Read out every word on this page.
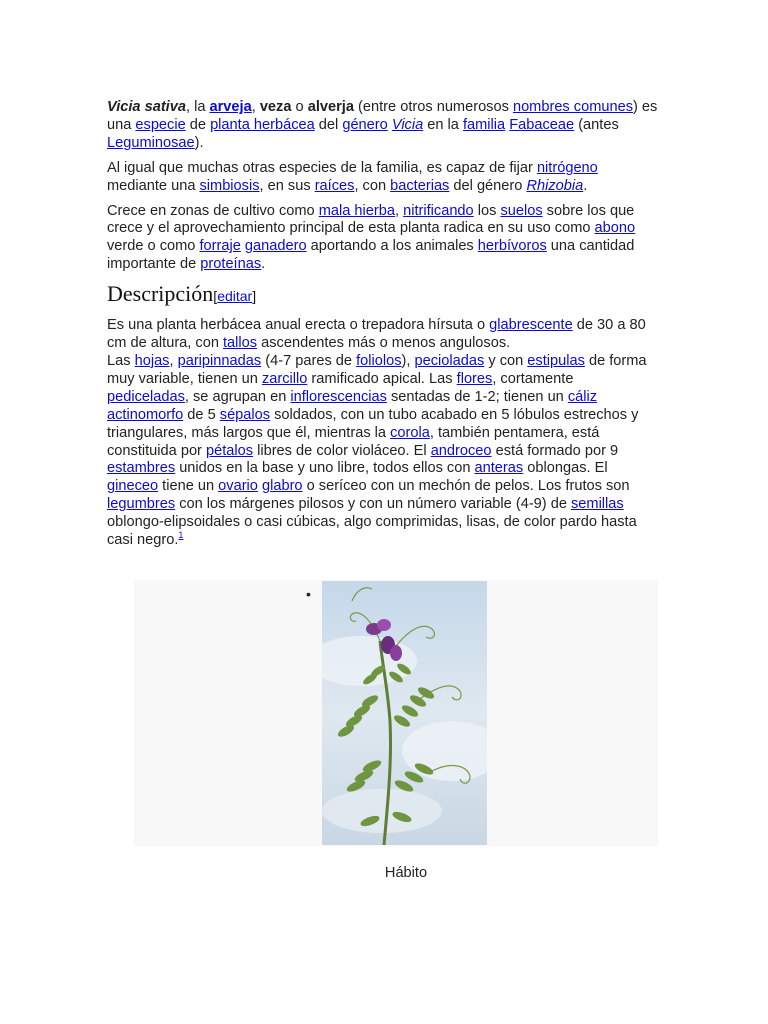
Vicia sativa, la arveja, veza o alverja (entre otros numerosos nombres comunes) es una especie de planta herbácea del género Vicia en la familia Fabaceae (antes Leguminosae).

Al igual que muchas otras especies de la familia, es capaz de fijar nitrógeno mediante una simbiosis, en sus raíces, con bacterias del género Rhizobia.

Crece en zonas de cultivo como mala hierba, nitrificando los suelos sobre los que crece y el aprovechamiento principal de esta planta radica en su uso como abono verde o como forraje ganadero aportando a los animales herbívoros una cantidad importante de proteínas.

Descripción[editar]

Es una planta herbácea anual erecta o trepadora hírsuta o glabrescente de 30 a 80 cm de altura, con tallos ascendentes más o menos angulosos.

Las hojas, paripinnadas (4-7 pares de foliolos), pecioladas y con estipulas de forma muy variable, tienen un zarcillo ramificado apical. Las flores, cortamente pediceladas, se agrupan en inflorescencias sentadas de 1-2; tienen un cáliz actinomorfo de 5 sépalos soldados, con un tubo acabado en 5 lóbulos estrechos y triangulares, más largos que él, mientras la corola, también pentamera, está constituida por pétalos libres de color violáceo. El androceo está formado por 9 estambres unidos en la base y uno libre, todos ellos con anteras oblongas. El gineceo tiene un ovario glabro o seríceo con un mechón de pelos. Los frutos son legumbres con los márgenes pilosos y con un número variable (4-9) de semillas oblongo-elipsoidales o casi cúbicas, algo comprimidas, lisas, de color pardo hasta casi negro.$^1$

•
Hábito
